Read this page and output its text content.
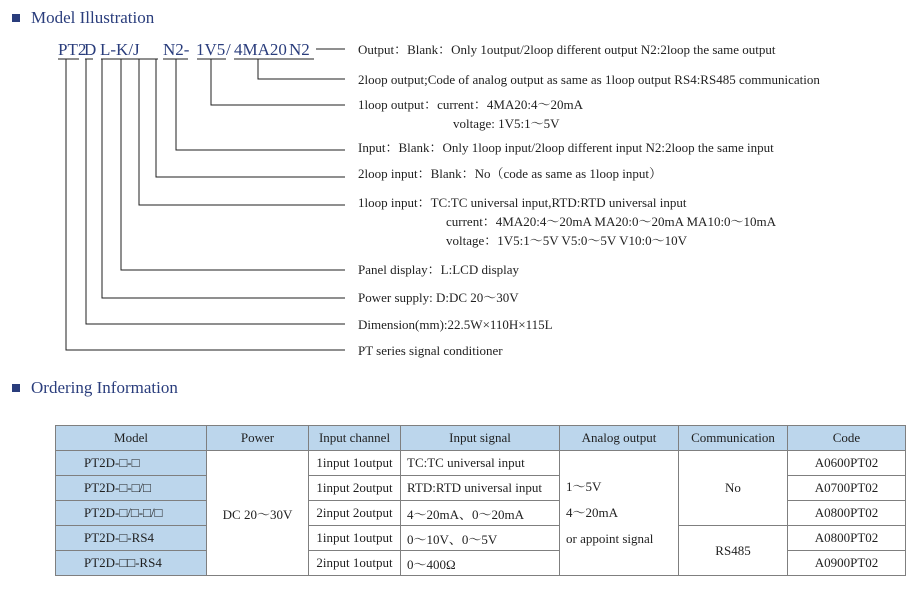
Model Illustration
PT2
D L-K/J N2- 1V5 / 4MA20 N2	Output：Blank：Only 1output/2loop different output N2:2loop the same output
2loop output;Code of analog output as same as 1loop output RS4:RS485 communication
1loop output：current：4MA20:4～20mA
voltage: 1V5:1～5V
Input：Blank：Only 1loop input/2loop different input N2:2loop the same input
2loop input：Blank：No（code as same as 1loop input）
1loop input：TC:TC universal input,RTD:RTD universal input
current：4MA20:4～20mA MA20:0～20mA MA10:0～10mA
voltage：1V5:1～5V V5:0～5V V10:0～10V
Panel display：L:LCD display
Power supply: D:DC 20～30V
Dimension(mm):22.5W×110H×115L
PT series signal conditioner
Ordering Information
Model	Power	Input channel	Input signal	Analog output	Communication	Code
PT2D-□-□	DC 20～30V	1input 1output	TC:TC universal input	1～5V
4～20mA
or appoint signal	No	A0600PT02
PT2D-□-□/□		1input 2output	RTD:RTD universal input			A0700PT02
PT2D-□/□-□/□		2input 2output	4～20mA、0～20mA			A0800PT02
PT2D-□-RS4		1input 1output	0～10V、0～5V		RS485	A0800PT02
PT2D-□□-RS4		2input 1output	0～400Ω			A0900PT02
